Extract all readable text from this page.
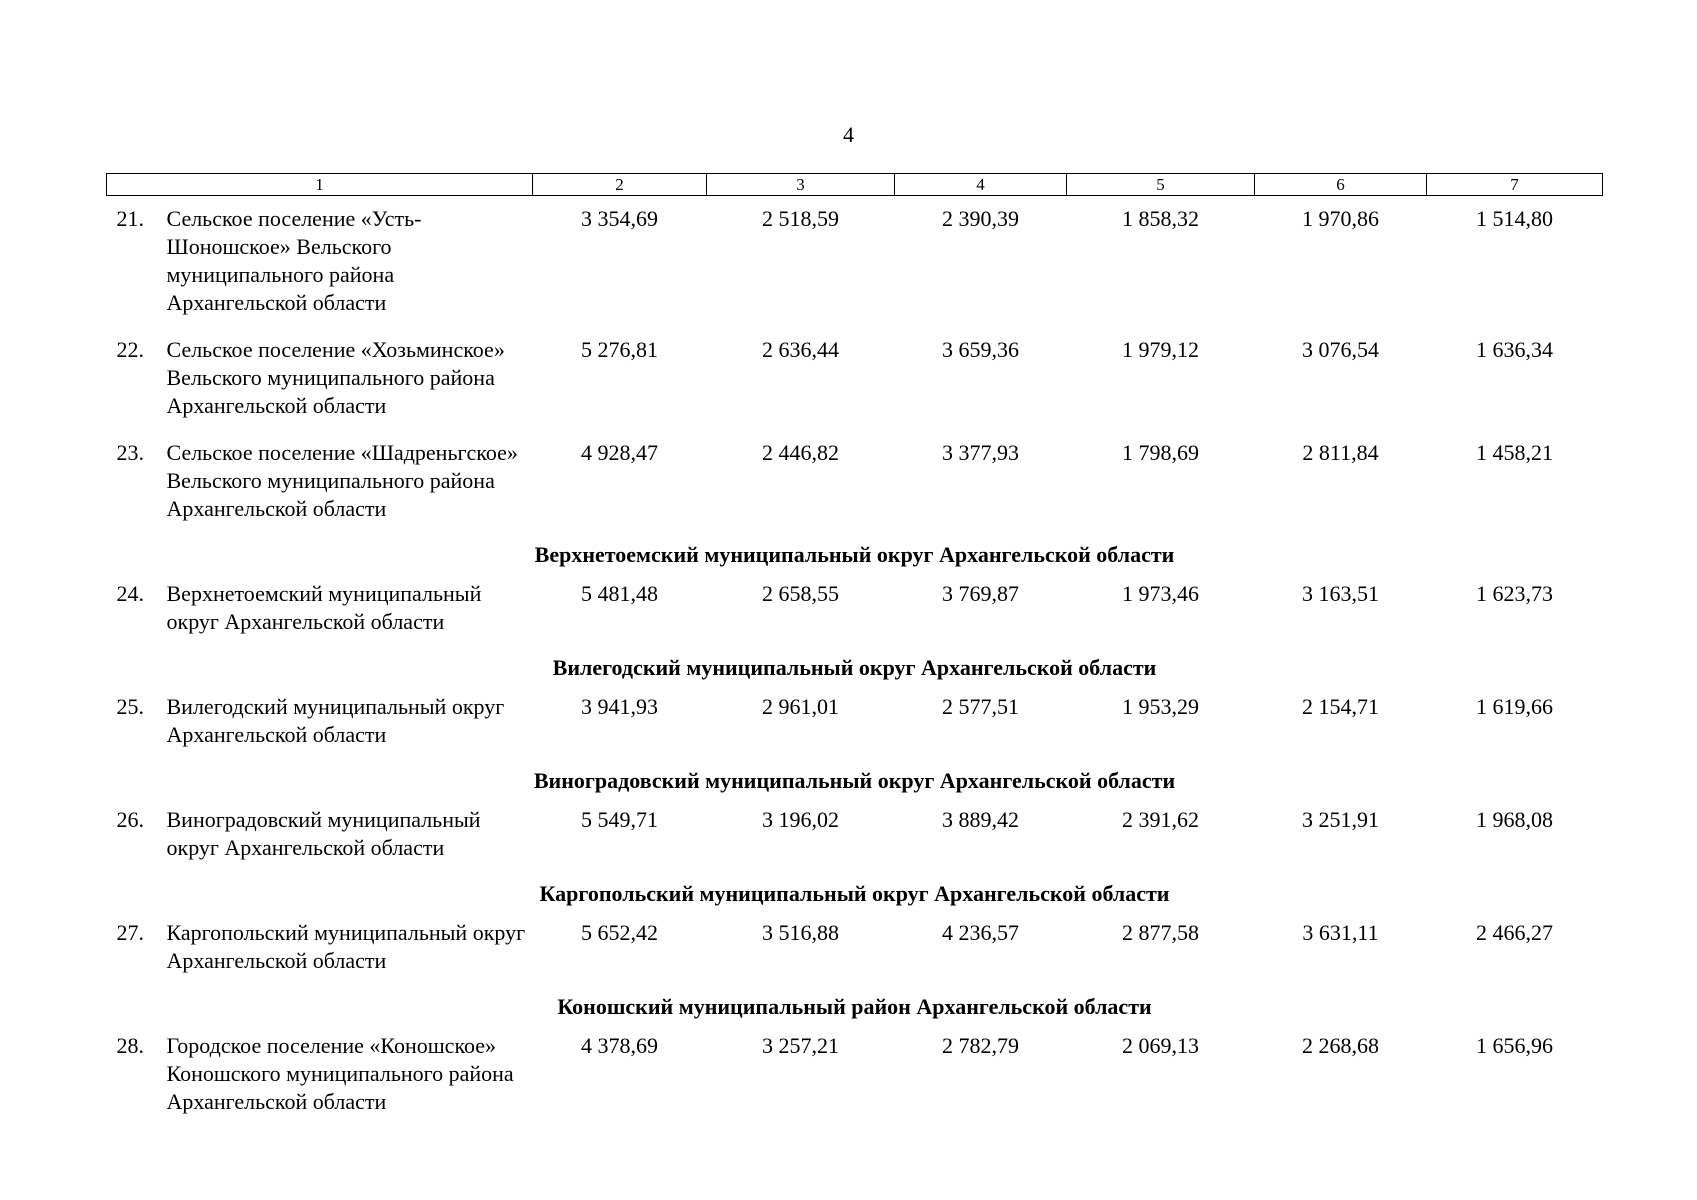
4
1	2	3	4	5	6	7

21. Сельское поселение «Усть-Шоношское» Вельского муниципального района Архангельской области	3 354,69	2 518,59	2 390,39	1 858,32	1 970,86	1 514,80

22. Сельское поселение «Хозьминское» Вельского муниципального района Архангельской области	5 276,81	2 636,44	3 659,36	1 979,12	3 076,54	1 636,34

23. Сельское поселение «Шадреньгское» Вельского муниципального района Архангельской области	4 928,47	2 446,82	3 377,93	1 798,69	2 811,84	1 458,21
Верхнетоемский муниципальный округ Архангельской области						

24. Верхнетоемский муниципальный округ Архангельской области	5 481,48	2 658,55	3 769,87	1 973,46	3 163,51	1 623,73
Вилегодский муниципальный округ Архангельской области						

25. Вилегодский муниципальный округ Архангельской области	3 941,93	2 961,01	2 577,51	1 953,29	2 154,71	1 619,66
Виноградовский муниципальный округ Архангельской области						

26. Виноградовский муниципальный округ Архангельской области	5 549,71	3 196,02	3 889,42	2 391,62	3 251,91	1 968,08
Каргопольский муниципальный округ Архангельской области						

27. Каргопольский муниципальный округ Архангельской области	5 652,42	3 516,88	4 236,57	2 877,58	3 631,11	2 466,27
Коношский муниципальный район Архангельской области						

28. Городское поселение «Коношское» Коношского муниципального района Архангельской области	4 378,69	3 257,21	2 782,79	2 069,13	2 268,68	1 656,96
